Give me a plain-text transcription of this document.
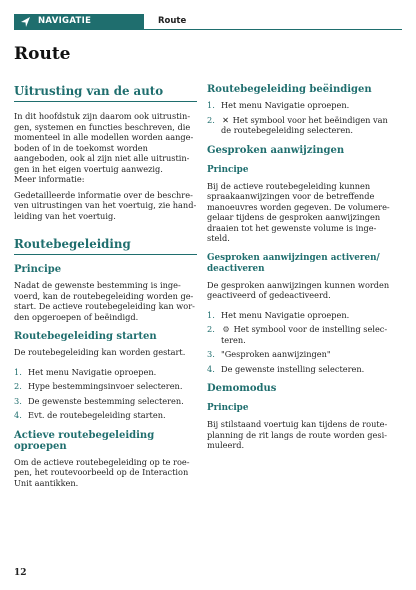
NAVIGATIE	Route
Route
Uitrusting van de auto

In dit hoofdstuk zijn daarom ook uitrustin-
gen, systemen en functies beschreven, die
momenteel in alle modellen worden aange-
boden of in de toekomst worden
aangeboden, ook al zijn niet alle uitrustin-
gen in het eigen voertuig aanwezig.

Meer informatie:

Gedetailleerde informatie over de beschre-
ven uitrustingen van het voertuig, zie hand-
leiding van het voertuig.

Routebegeleiding
Principe

Nadat de gewenste bestemming is inge-
voerd, kan de routebegeleiding worden ge-
start. De actieve routebegeleiding kan wor-
den opgeroepen of beëindigd.

Routebegeleiding starten

De routebegeleiding kan worden gestart.

1. Het menu Navigatie oproepen.
2. Hype bestemmingsinvoer selecteren.
3. De gewenste bestemming selecteren.
4. Evt. de routebegeleiding starten.
Actieve routebegeleiding oproepen

Om de actieve routebegeleiding op te roe-
pen, het routevoorbeeld op de Interaction
Unit aantikken.

Routebegeleiding beëindigen
1. Het menu Navigatie oproepen.
2. ✕ Het symbool voor het beëindigen van
de routebegeleiding selecteren.
Gesproken aanwijzingen
Principe

Bij de actieve routebegeleiding kunnen
spraakaanwijzingen voor de betreffende
manoeuvres worden gegeven. De volumere-
gelaar tijdens de gesproken aanwijzingen
draaien tot het gewenste volume is inge-
steld.

Gesproken aanwijzingen activeren/
deactiveren

De gesproken aanwijzingen kunnen worden
geactiveerd of gedeactiveerd.

1. Het menu Navigatie oproepen.
2. ⚙ Het symbool voor de instelling selec-
teren.
3. "Gesproken aanwijzingen"
4. De gewenste instelling selecteren.
Demomodus
Principe

Bij stilstaand voertuig kan tijdens de route-
planning de rit langs de route worden gesi-
muleerd.

12
